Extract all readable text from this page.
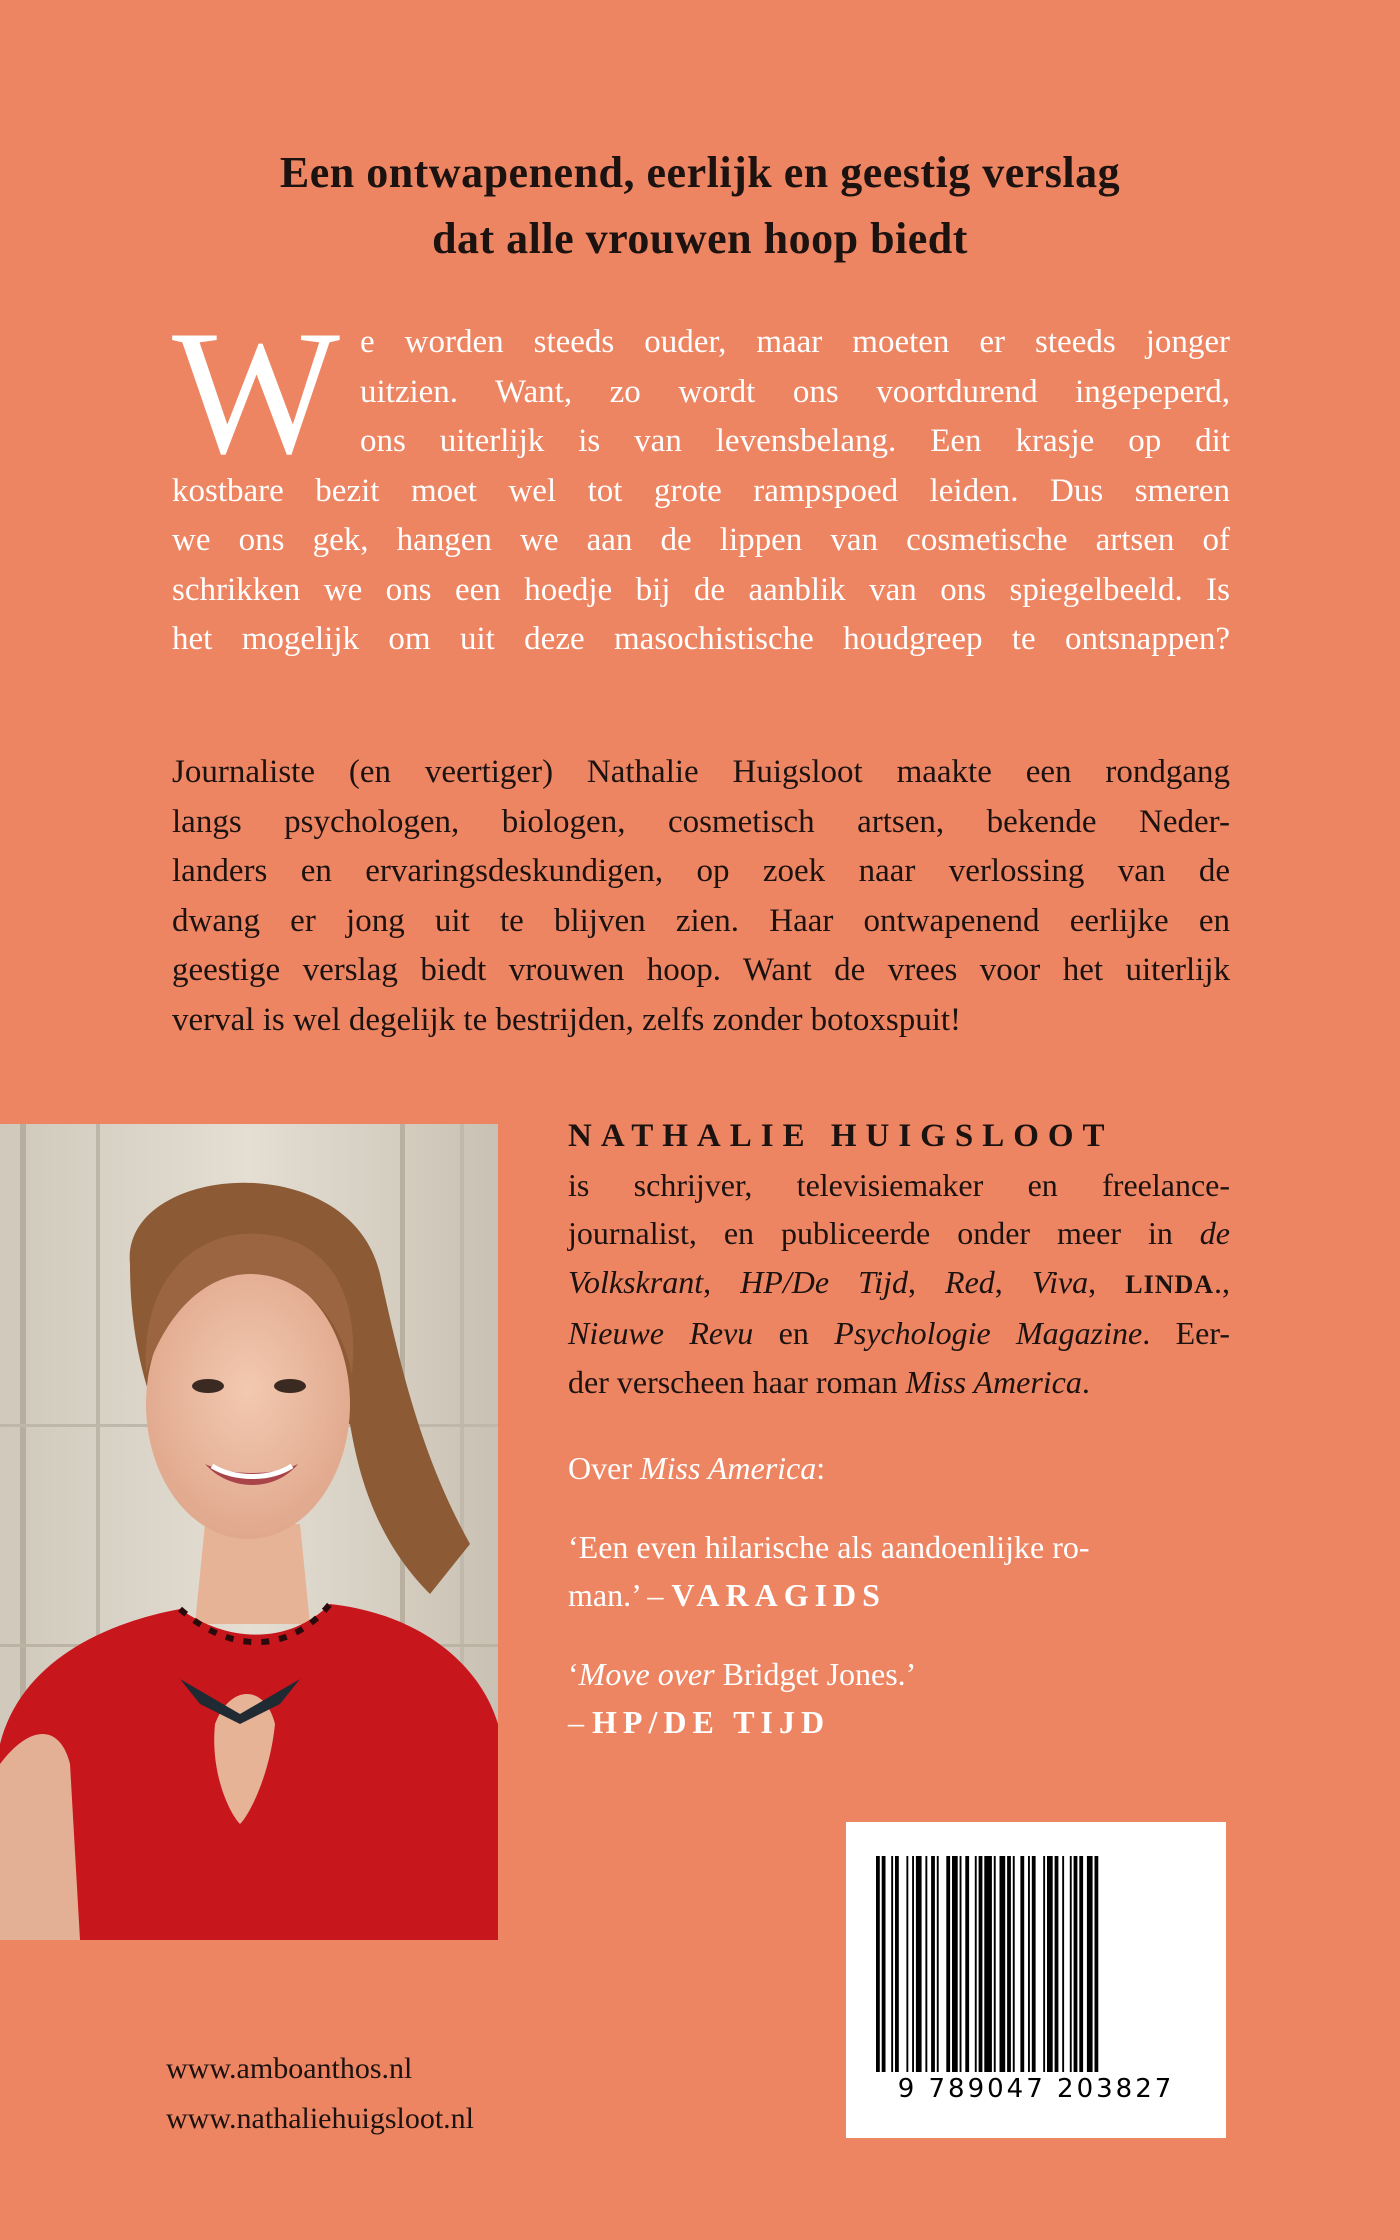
Een ontwapenend, eerlijk en geestig verslag
dat alle vrouwen hoop biedt
W e worden steeds ouder, maar moeten er steeds jonger
uitzien. Want, zo wordt ons voortdurend ingepeperd,
ons uiterlijk is van levensbelang. Een krasje op dit
kostbare bezit moet wel tot grote rampspoed leiden. Dus smeren
we ons gek, hangen we aan de lippen van cosmetische artsen of
schrikken we ons een hoedje bij de aanblik van ons spiegelbeeld. Is
het mogelijk om uit deze masochistische houdgreep te ontsnappen?

Journaliste (en veertiger) Nathalie Huigsloot maakte een rondgang
langs psychologen, biologen, cosmetisch artsen, bekende Neder-
landers en ervaringsdeskundigen, op zoek naar verlossing van de
dwang er jong uit te blijven zien. Haar ontwapenend eerlijke en
geestige verslag biedt vrouwen hoop. Want de vrees voor het uiterlijk
verval is wel degelijk te bestrijden, zelfs zonder botoxspuit!
NATHALIE HUIGSLOOT
is schrijver, televisiemaker en freelance-
journalist, en publiceerde onder meer in de
Volkskrant, HP/De Tijd, Red, Viva, LINDA.,
Nieuwe Revu en Psychologie Magazine. Eer-
der verscheen haar roman Miss America.
Over Miss America:
‘Een even hilarische als aandoenlijke ro-
man.’ – VARAGIDS
‘Move over Bridget Jones.’
– HP/DE TIJD
9 789047 203827
www.amboanthos.nl
www.nathaliehuigsloot.nl
